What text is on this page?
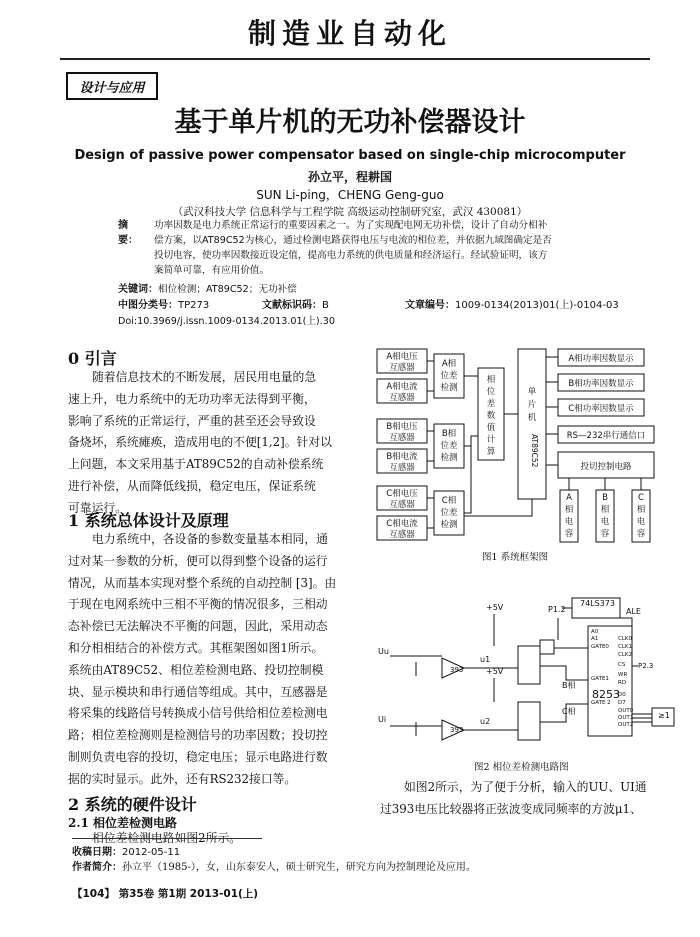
制造业自动化
设计与应用
基于单片机的无功补偿器设计
Design of passive power compensator based on single-chip microcomputer
孙立平，程耕国
SUN Li-ping，CHENG Geng-guo
（武汉科技大学 信息科学与工程学院 高级运动控制研究室，武汉 430081）
摘　要：
功率因数是电力系统正常运行的重要因素之一。为了实现配电网无功补偿，设计了自动分相补
偿方案，以AT89C52为核心，通过检测电路获得电压与电流的相位差，并依据九域图确定是否
投切电容，使功率因数接近设定值，提高电力系统的供电质量和经济运行。经试验证明，该方
案简单可靠，有应用价值。
关键词：相位检测；AT89C52；无功补偿
中图分类号：TP273	文献标识码：B	文章编号：1009-0134(2013)01(上)-0104-03
Doi:10.3969/j.issn.1009-0134.2013.01(上).30
0 引言
随着信息技术的不断发展，居民用电量的急
速上升，电力系统中的无功功率无法得到平衡，
影响了系统的正常运行，严重的甚至还会导致设
备烧坏，系统瘫痪，造成用电的不便[1,2]。针对以
上问题，本文采用基于AT89C52的自动补偿系统
进行补偿，从而降低线损，稳定电压，保证系统
可靠运行。
1 系统总体设计及原理
电力系统中，各设备的参数变量基本相同，通
过对某一参数的分析，便可以得到整个设备的运行
情况，从而基本实现对整个系统的自动控制 [3]。由
于现在电网系统中三相不平衡的情况很多，三相动
态补偿已无法解决不平衡的问题，因此，采用动态
和分相相结合的补偿方式。其框架图如图1所示。
系统由AT89C52、相位差检测电路、投切控制模
块、显示模块和串行通信等组成。其中，互感器是
将采集的线路信号转换成小信号供给相位差检测电
路；相位差检测则是检测信号的功率因数；投切控
制则负责电容的投切，稳定电压；显示电路进行数
据的实时显示。此外，还有RS232接口等。
2 系统的硬件设计
2.1 相位差检测电路
相位差检测电路如图2所示。
A相电压
互感器
A相电流
互感器
B相电压
互感器
B相电流
互感器
C相电压
互感器
C相电流
互感器
A相
位差
检测
B相
位差
检测
C相
位差
检测
相
位
差
数
值
计
算
单
片
机
AT89C52
A相功率因数显示
B相功率因数显示
C相功率因数显示
RS—232串行通信口
投切控制电路
A
相
电
容
B
相
电
容
C
相
电
容
图1 系统框架图
+5V
+5V
P1.2
74LS373
ALE
Uu
Ui
393
393
u1
u2
B相
C相
8253
P2.3
≥1
A0
A1
GATE0
GATE1
GATE 2
CLK0
CLK1
CLK2
CS
WR
RD
D0
D7
OUT0
OUT1
OUT2
图2 相位差检测电路图
如图2所示，为了便于分析，输入的UU、UI通
过393电压比较器将正弦波变成同频率的方波μ1、
收稿日期：2012-05-11
作者简介：孙立平（1985-），女，山东泰安人，硕士研究生，研究方向为控制理论及应用。
【104】 第35卷 第1期 2013-01(上)
